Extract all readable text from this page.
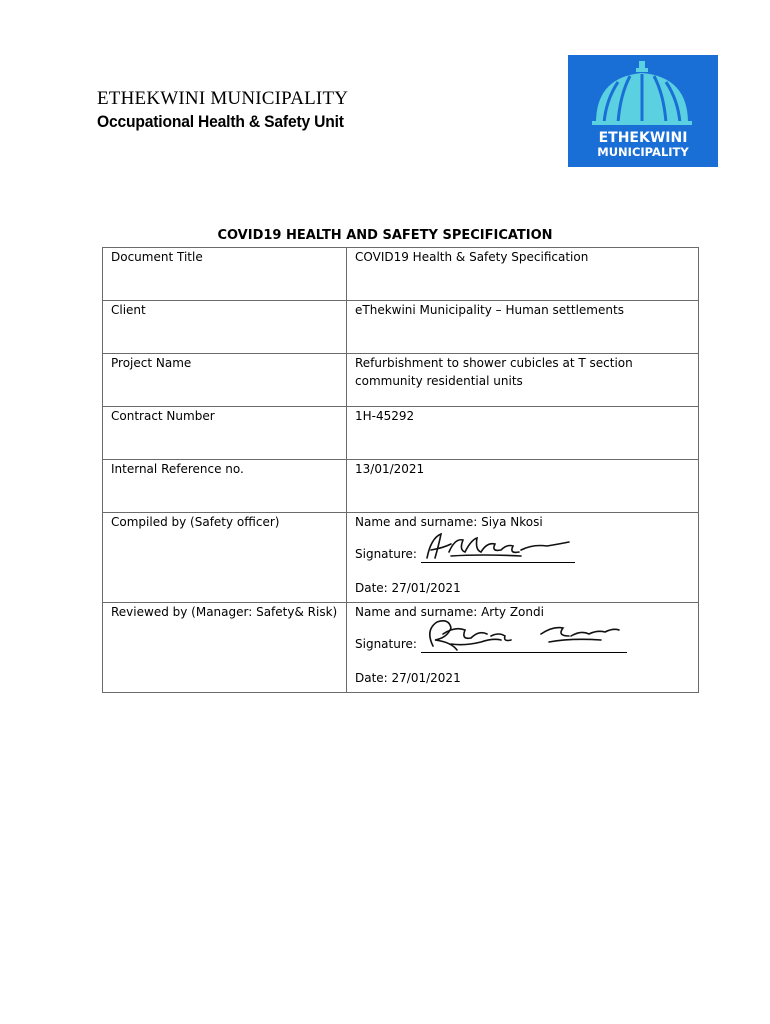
ETHEKWINI MUNICIPALITY
Occupational Health & Safety Unit
ETHEKWINI
MUNICIPALITY
COVID19 HEALTH AND SAFETY SPECIFICATION
Document Title	COVID19 Health & Safety Specification
Client	eThekwini Municipality – Human settlements
Project Name	Refurbishment to shower cubicles at T section community residential units
Contract Number	1H-45292
Internal Reference no.	13/01/2021
Compiled by (Safety officer)	Name and surname: Siya Nkosi
Signature:
Date: 27/01/2021

Reviewed by (Manager: Safety& Risk)	Name and surname: Arty Zondi
Signature:
Date: 27/01/2021
